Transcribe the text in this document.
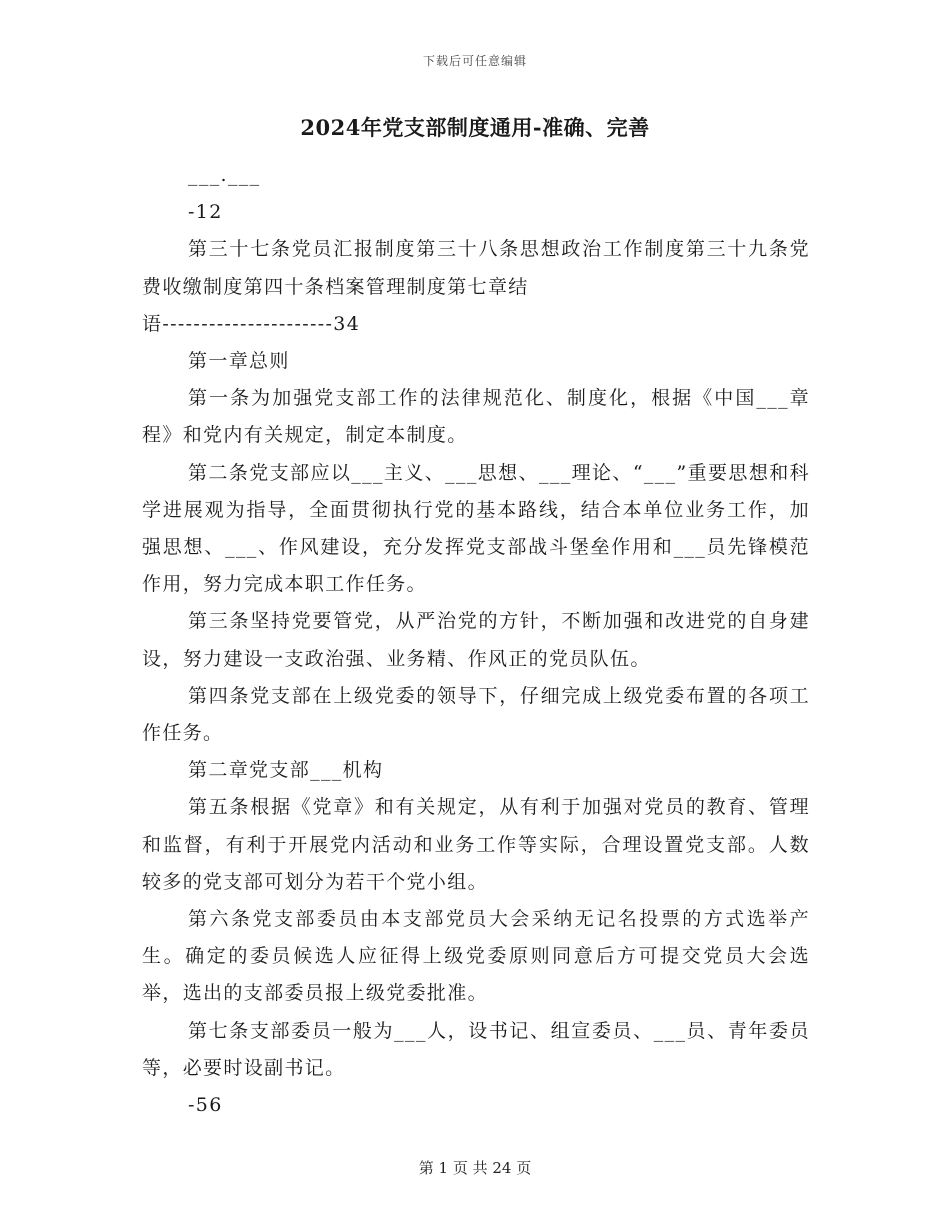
下载后可任意编辑
2024年党支部制度通用-准确、完善

___.___

-12

第三十七条党员汇报制度第三十八条思想政治工作制度第三十九条党费收缴制度第四十条档案管理制度第七章结

语----------------------34

第一章总则

第一条为加强党支部工作的法律规范化、制度化，根据《中国___章程》和党内有关规定，制定本制度。

第二条党支部应以___主义、___思想、___理论、“___”重要思想和科学进展观为指导，全面贯彻执行党的基本路线，结合本单位业务工作，加强思想、___、作风建设，充分发挥党支部战斗堡垒作用和___员先锋模范作用，努力完成本职工作任务。

第三条坚持党要管党，从严治党的方针，不断加强和改进党的自身建设，努力建设一支政治强、业务精、作风正的党员队伍。

第四条党支部在上级党委的领导下，仔细完成上级党委布置的各项工作任务。

第二章党支部___机构

第五条根据《党章》和有关规定，从有利于加强对党员的教育、管理和监督，有利于开展党内活动和业务工作等实际，合理设置党支部。人数较多的党支部可划分为若干个党小组。

第六条党支部委员由本支部党员大会采纳无记名投票的方式选举产生。确定的委员候选人应征得上级党委原则同意后方可提交党员大会选举，选出的支部委员报上级党委批准。

第七条支部委员一般为___人，设书记、组宣委员、___员、青年委员等，必要时设副书记。

-56

第 1 页 共 24 页
